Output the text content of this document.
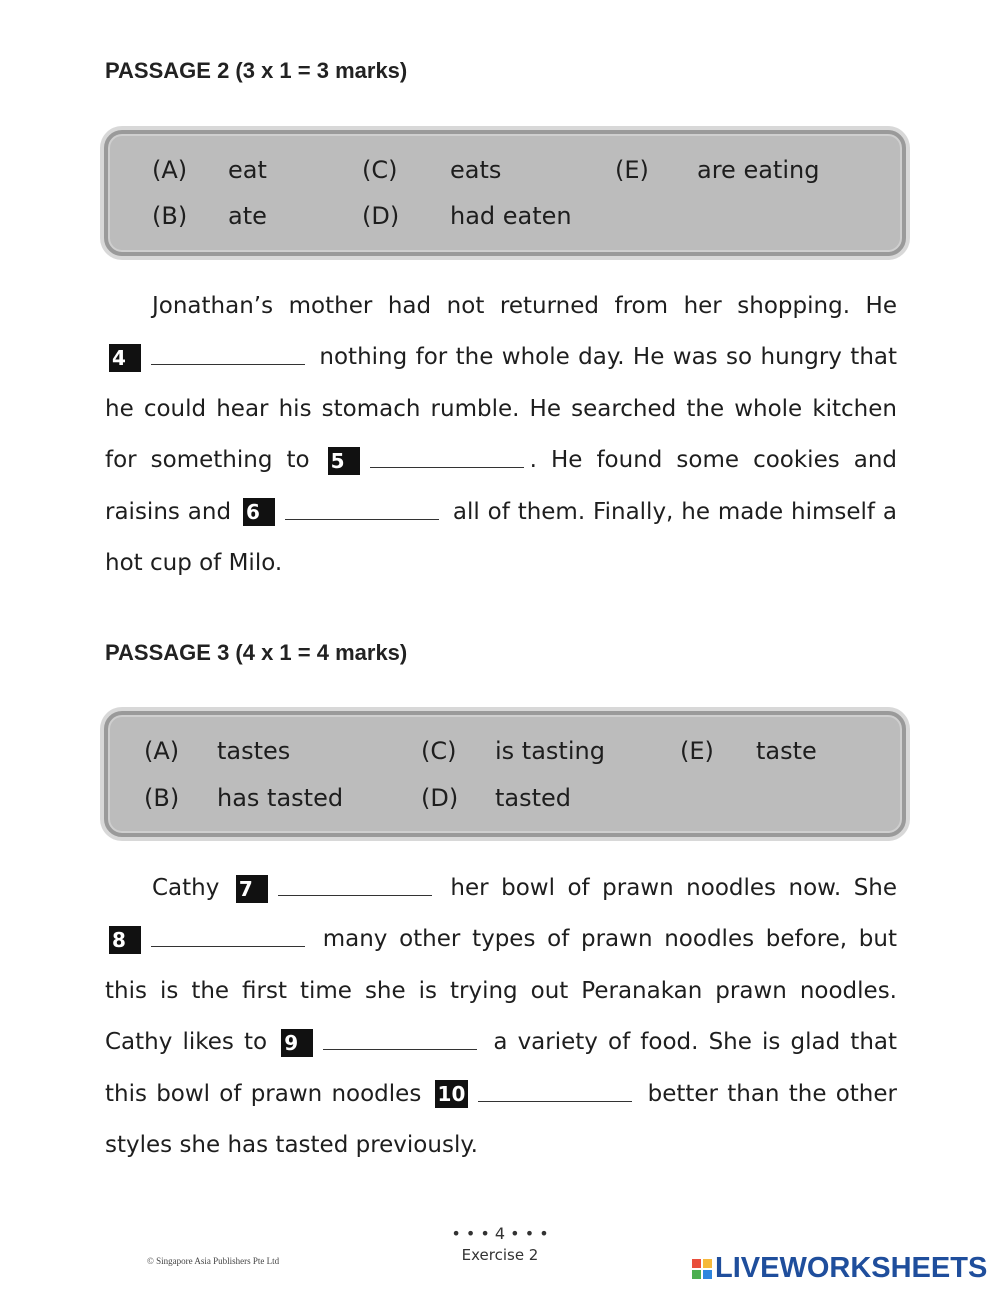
PASSAGE 2 (3 x 1 = 3 marks)
(A) eat	(C) eats	(E) are eating
(B) ate	(D) had eaten
Jonathan’s mother had not returned from her shopping. He
4	nothing for the whole day. He was so hungry that
he could hear his stomach rumble. He searched the whole kitchen
for something to 5	. He found some cookies and
raisins and 6	all of them. Finally, he made himself a
hot cup of Milo.
PASSAGE 3 (4 x 1 = 4 marks)
(A) tastes	(C) is tasting	(E) taste
(B) has tasted	(D) tasted
Cathy 7	her bowl of prawn noodles now. She
8	many other types of prawn noodles before, but
this is the first time she is trying out Peranakan prawn noodles.
Cathy likes to 9	a variety of food. She is glad that
this bowl of prawn noodles 10	better than the other
styles she has tasted previously.
• • • 4 • • •
Exercise 2
© Singapore Asia Publishers Pte Ltd	LIVEWORKSHEETS
